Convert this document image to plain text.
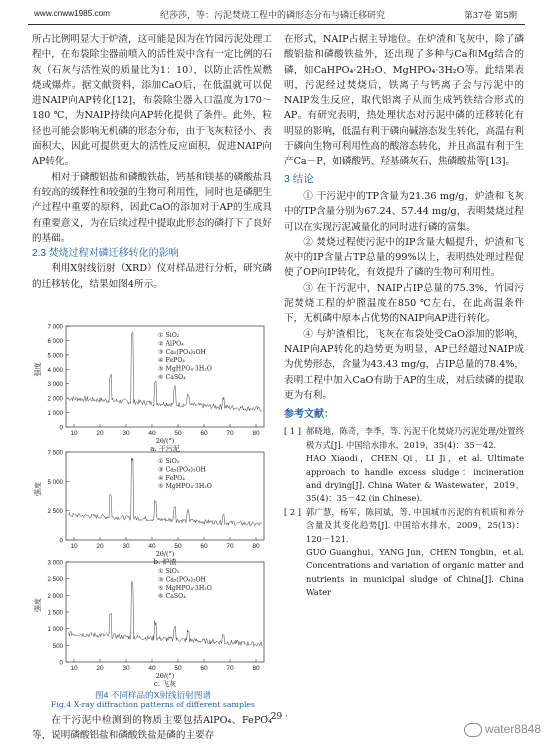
www.cnww1985.com	纪莎莎，等：污泥焚烧工程中的磷形态分布与磷迁移研究	第37卷 第5期

所占比例明显大于炉渣，这可能是因为在竹园污泥处理工程中，在布袋除尘器前喷入的活性炭中含有一定比例的石灰（石灰与活性炭的质量比为1：10），以防止活性炭燃烧或爆炸。据文献资料，添加CaO后，在低温就可以促进NAIP向AP转化[12]，布袋除尘器入口温度为170～180 ℃，为NAIP持续向AP转化提供了条件。此外，粒径也可能会影响无机磷的形态分布，由于飞灰粒径小、表面积大，因此可提供更大的活性反应面积，促进NAIP向AP转化。

相对于磷酸铝盐和磷酸铁盐，钙基和镁基的磷酸盐具有较高的缓释性和较强的生物可利用性，同时也是磷肥生产过程中重要的原料，因此CaO的添加对于AP的生成具有重要意义，为在后续过程中提取此形态的磷打下了良好的基础。

2.3 焚烧过程对磷迁移转化的影响

利用X射线衍射（XRD）仪对样品进行分析，研究磷的迁移转化，结果如图4所示。

7 000
6 000
5 000
4 000
3 000
2 000
1 000
0
强度
10	20	30	40	50	60	70	80
2θ/(°)
a. 干污泥
① SiO₂
② AlPO₄
③ Ca₅(PO₄)₃OH
④ FePO₄
⑤ MgHPO₄·3H₂O
⑥ CaSO₄
7 500
5 000
2 500
0
强度
10	20	30	40	50	60	70	80
2θ/(°)
b. 炉渣
① SiO₂
③ Ca₅(PO₄)₃OH
④ FePO₄
⑤ MgHPO₄·3H₂O
3 000
2 500
2 000
1 500
1 000
500
0
强度
10	20	30	40	50	60	70	80
2θ/(°)
c. 飞灰
① SiO₂
③ Ca₅(PO₄)₃OH
⑤ MgHPO₄·3H₂O
⑥ CaSO₄
图4 不同样品的X射线衍射图谱
Fig.4 X-ray diffraction patterns of different samples

在干污泥中检测到的物质主要包括AlPO₄、FePO₄等，说明磷酸铝盐和磷酸铁盐是磷的主要存

在形式，NAIP占据主导地位。在炉渣和飞灰中，除了磷酸铝盐和磷酸铁盐外，还出现了多种与Ca和Mg结合的磷，如CaHPO₄·2H₂O、MgHPO₄·3H₂O等。此结果表明，污泥经过焚烧后，铁离子与钙离子会与污泥中的NAIP发生反应，取代铝离子从而生成钙铁结合形式的AP。有研究表明，热处理状态对污泥中磷的迁移转化有明显的影响，低温有利于磷向碱溶态发生转化，高温有利于磷向生物可利用性高的酸溶态转化，并且高温有利于生产Ca－P，如磷酸钙、羟基磷灰石、焦磷酸盐等[13]。

3 结论

① 干污泥中的TP含量为21.36 mg/g，炉渣和飞灰中的TP含量分别为67.24、57.44 mg/g，表明焚烧过程可以在实现污泥减量化的同时进行磷的富集。

② 焚烧过程使污泥中的IP含量大幅提升，炉渣和飞灰中的IP含量占TP总量的99%以上，表明热处理过程促使了OP向IP转化，有效提升了磷的生物可利用性。

③ 在干污泥中，NAIP占IP总量的75.3%，竹园污泥焚烧工程的炉膛温度在850 ℃左右，在此高温条件下，无机磷中原本占优势的NAIP向AP进行转化。

④ 与炉渣相比，飞灰在布袋处受CaO添加的影响，NAIP向AP转化的趋势更为明显，AP已经超过NAIP成为优势形态，含量为43.43 mg/g，占IP总量的78.4%，表明工程中加入CaO有助于AP的生成，对后续磷的提取更为有利。

参考文献：
[ 1 ] 郝晓地，陈奇，李季，等. 污泥干化焚烧乃污泥处理/处置终极方式[J]. 中国给水排水，2019，35(4)：35－42.
HAO Xiaodi，CHEN Qi，LI Ji，et al. Ultimate approach to handle excess sludge：incineration and drying[J]. China Water & Wastewater，2019，35(4)：35－42 (in Chinese).
[ 2 ] 郭广慧，杨军，陈同斌，等. 中国城市污泥的有机质和养分含量及其变化趋势[J]. 中国给水排水，2009，25(13)：120－121.
GUO Guanghui，YANG Jun，CHEN Tongbin，et al. Concentrations and variation of organic matter and nutrients in municipal sludge of China[J]. China Water
· 29 ·
water8848
